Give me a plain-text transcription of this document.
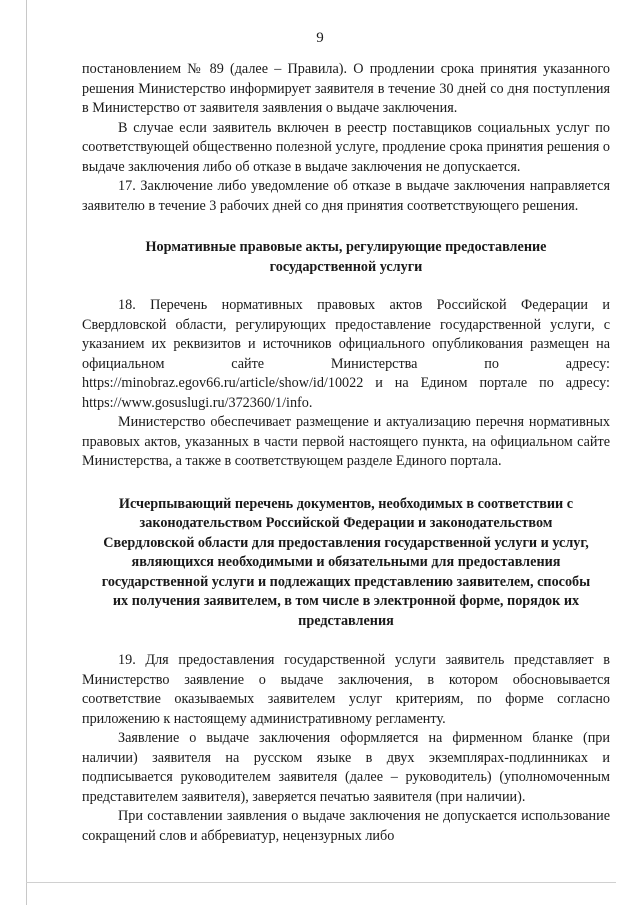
9

постановлением № 89 (далее – Правила). О продлении срока принятия указанного решения Министерство информирует заявителя в течение 30 дней со дня поступления в Министерство от заявителя заявления о выдаче заключения.

В случае если заявитель включен в реестр поставщиков социальных услуг по соответствующей общественно полезной услуге, продление срока принятия решения о выдаче заключения либо об отказе в выдаче заключения не допускается.

17. Заключение либо уведомление об отказе в выдаче заключения направляется заявителю в течение 3 рабочих дней со дня принятия соответствующего решения.

Нормативные правовые акты, регулирующие предоставление государственной услуги

18. Перечень нормативных правовых актов Российской Федерации и Свердловской области, регулирующих предоставление государственной услуги, с указанием их реквизитов и источников официального опубликования размещен на официальном сайте Министерства по адресу: https://minobraz.egov66.ru/article/show/id/10022 и на Едином портале по адресу: https://www.gosuslugi.ru/372360/1/info.

Министерство обеспечивает размещение и актуализацию перечня нормативных правовых актов, указанных в части первой настоящего пункта, на официальном сайте Министерства, а также в соответствующем разделе Единого портала.

Исчерпывающий перечень документов, необходимых в соответствии с законодательством Российской Федерации и законодательством Свердловской области для предоставления государственной услуги и услуг, являющихся необходимыми и обязательными для предоставления государственной услуги и подлежащих представлению заявителем, способы их получения заявителем, в том числе в электронной форме, порядок их представления

19. Для предоставления государственной услуги заявитель представляет в Министерство заявление о выдаче заключения, в котором обосновывается соответствие оказываемых заявителем услуг критериям, по форме согласно приложению к настоящему административному регламенту.

Заявление о выдаче заключения оформляется на фирменном бланке (при наличии) заявителя на русском языке в двух экземплярах-подлинниках и подписывается руководителем заявителя (далее – руководитель) (уполномоченным представителем заявителя), заверяется печатью заявителя (при наличии).

При составлении заявления о выдаче заключения не допускается использование сокращений слов и аббревиатур, нецензурных либо
